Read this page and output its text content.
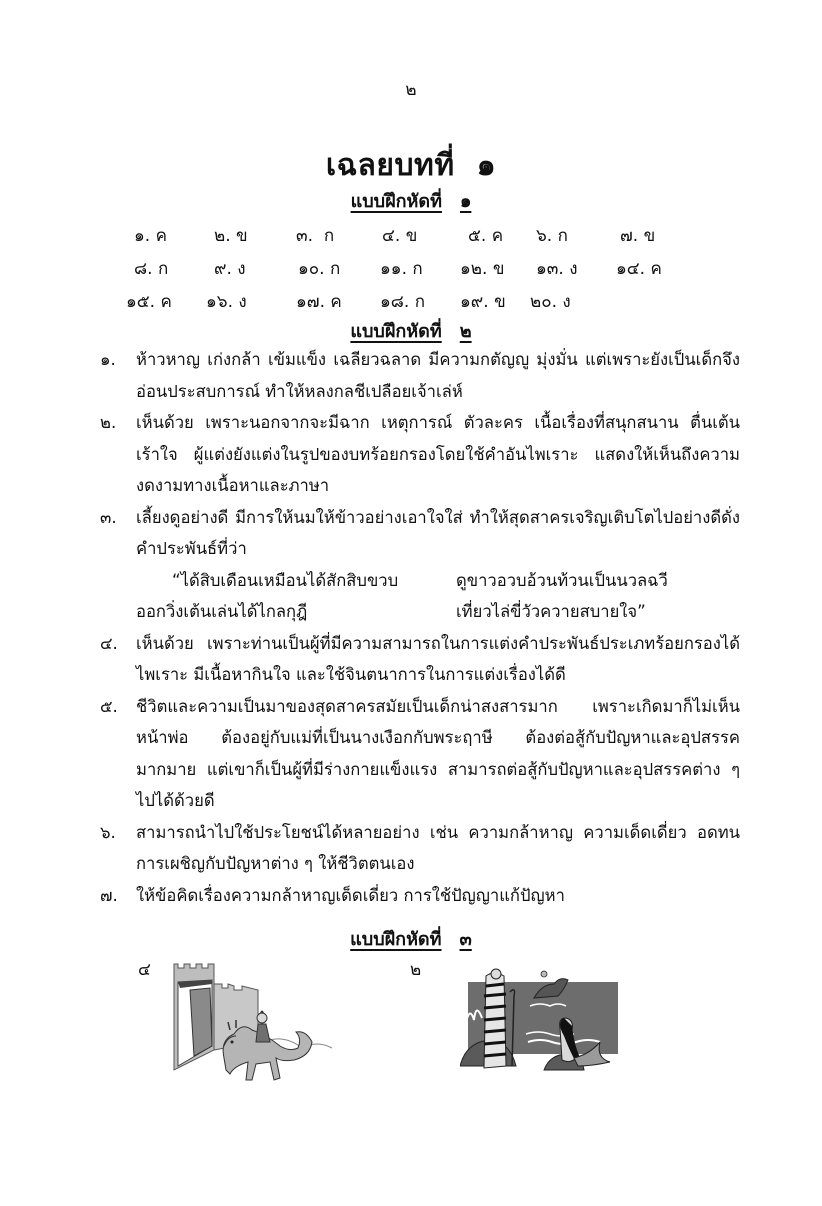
๒
เฉลยบทที่ ๑
แบบฝึกหัดที่ ๑
๑. ค	๒. ข	๓. ก	๔. ข	๕. ค ๖. ก	๗. ข
๘. ก	๙. ง	๑๐. ก ๑๑. ก ๑๒. ข ๑๓. ง ๑๔. ค
๑๕. ค ๑๖. ง	๑๗. ค ๑๘. ก ๑๙. ข ๒๐. ง
แบบฝึกหัดที่ ๒
๑.	ห้าวหาญ เก่งกล้า เข้มแข็ง เฉลียวฉลาด มีความกตัญญู มุ่งมั่น แต่เพราะยังเป็นเด็กจึงอ่อนประสบการณ์ ทำให้หลงกลชีเปลือยเจ้าเล่ห์
๒.	เห็นด้วย เพราะนอกจากจะมีฉาก เหตุการณ์ ตัวละคร เนื้อเรื่องที่สนุกสนาน ตื่นเต้นเร้าใจ ผู้แต่งยังแต่งในรูปของบทร้อยกรองโดยใช้คำอันไพเราะ แสดงให้เห็นถึงความงดงามทางเนื้อหาและภาษา
๓.	เลี้ยงดูอย่างดี มีการให้นมให้ข้าวอย่างเอาใจใส่ ทำให้สุดสาครเจริญเติบโตไปอย่างดีดั่งคำประพันธ์ที่ว่า
“ได้สิบเดือนเหมือนได้สักสิบขวบ	ดูขาวอวบอ้วนท้วนเป็นนวลฉวี
ออกวิ่งเต้นเล่นได้ไกลกุฎี	เที่ยวไล่ขี่วัวควายสบายใจ”
๔.	เห็นด้วย เพราะท่านเป็นผู้ที่มีความสามารถในการแต่งคำประพันธ์ประเภทร้อยกรองได้ไพเราะ มีเนื้อหากินใจ และใช้จินตนาการในการแต่งเรื่องได้ดี
๕.	ชีวิตและความเป็นมาของสุดสาครสมัยเป็นเด็กน่าสงสารมาก เพราะเกิดมาก็ไม่เห็นหน้าพ่อ ต้องอยู่กับแม่ที่เป็นนางเงือกกับพระฤาษี ต้องต่อสู้กับปัญหาและอุปสรรคมากมาย แต่เขาก็เป็นผู้ที่มีร่างกายแข็งแรง สามารถต่อสู้กับปัญหาและอุปสรรคต่าง ๆ ไปได้ด้วยดี
๖.	สามารถนำไปใช้ประโยชน์ได้หลายอย่าง เช่น ความกล้าหาญ ความเด็ดเดี่ยว อดทนการเผชิญกับปัญหาต่าง ๆ ให้ชีวิตตนเอง
๗.	ให้ข้อคิดเรื่องความกล้าหาญเด็ดเดี่ยว การใช้ปัญญาแก้ปัญหา
แบบฝึกหัดที่ ๓
๔	๒
